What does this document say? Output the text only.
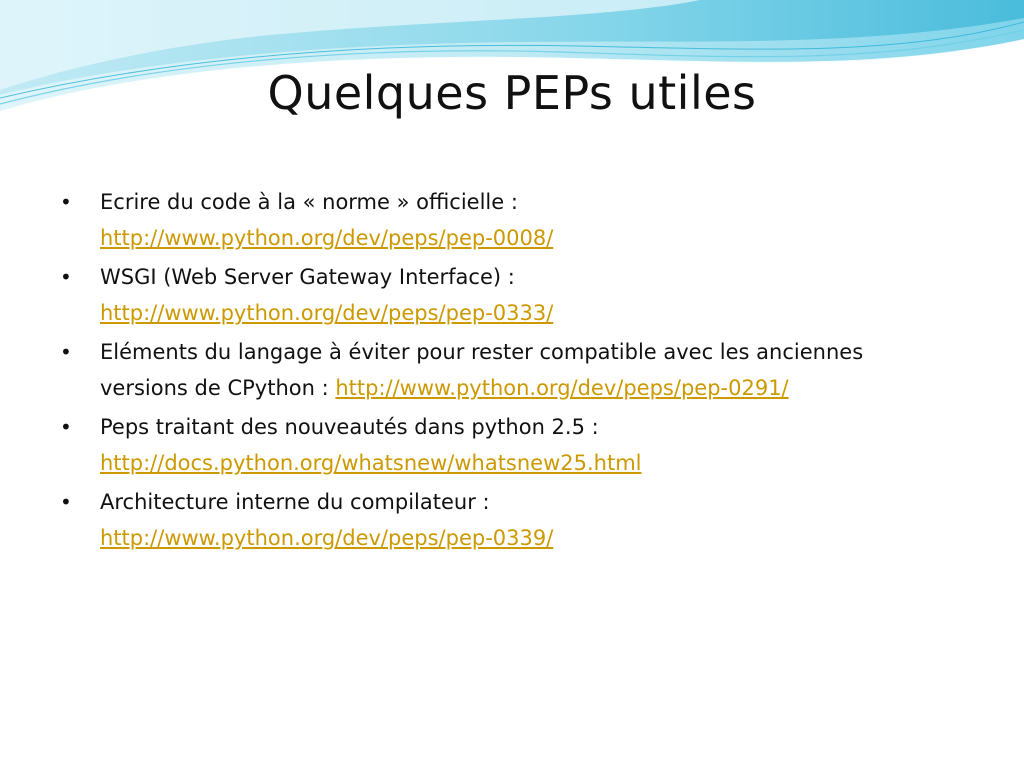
Quelques PEPs utiles
• Ecrire du code à la « norme » officielle :
http://www.python.org/dev/peps/pep-0008/
• WSGI (Web Server Gateway Interface) :
http://www.python.org/dev/peps/pep-0333/
• Eléments du langage à éviter pour rester compatible avec les anciennes
versions de CPython : http://www.python.org/dev/peps/pep-0291/
• Peps traitant des nouveautés dans python 2.5 :
http://docs.python.org/whatsnew/whatsnew25.html
• Architecture interne du compilateur :
http://www.python.org/dev/peps/pep-0339/
